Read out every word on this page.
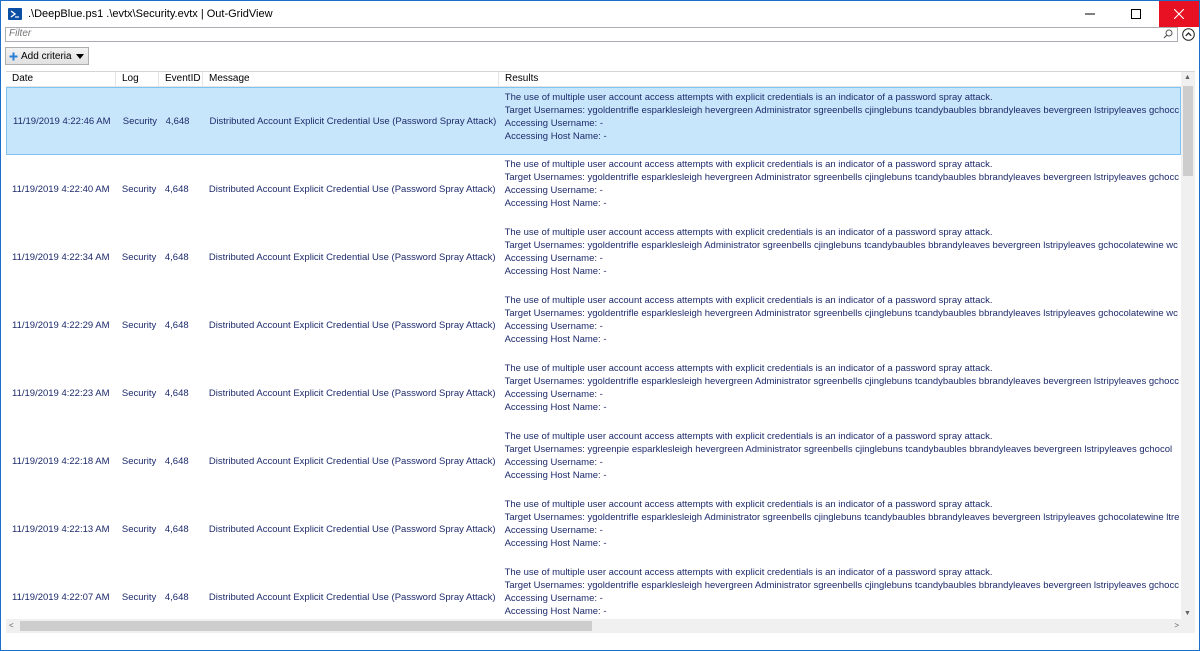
.\DeepBlue.ps1 .\evtx\Security.evtx | Out-GridView
Filter
Add criteria
Date	Log	EventID Message	Results
11/19/2019 4:22:46 AM	Security 4,648	Distributed Account Explicit Credential Use (Password Spray Attack)
The use of multiple user account access attempts with explicit credentials is an indicator of a password spray attack.
Target Usernames: ygoldentrifle esparklesleigh hevergreen Administrator sgreenbells cjinglebuns tcandybaubles bbrandyleaves bevergreen lstripyleaves gchocc
Accessing Username: -
Accessing Host Name: -
11/19/2019 4:22:40 AM	Security 4,648	Distributed Account Explicit Credential Use (Password Spray Attack)
The use of multiple user account access attempts with explicit credentials is an indicator of a password spray attack.
Target Usernames: ygoldentrifle esparklesleigh hevergreen Administrator sgreenbells cjinglebuns tcandybaubles bbrandyleaves bevergreen lstripyleaves gchocc
Accessing Username: -
Accessing Host Name: -
11/19/2019 4:22:34 AM	Security 4,648	Distributed Account Explicit Credential Use (Password Spray Attack)
The use of multiple user account access attempts with explicit credentials is an indicator of a password spray attack.
Target Usernames: ygoldentrifle esparklesleigh Administrator sgreenbells cjinglebuns tcandybaubles bbrandyleaves bevergreen lstripyleaves gchocolatewine wc
Accessing Username: -
Accessing Host Name: -
11/19/2019 4:22:29 AM	Security 4,648	Distributed Account Explicit Credential Use (Password Spray Attack)
The use of multiple user account access attempts with explicit credentials is an indicator of a password spray attack.
Target Usernames: ygoldentrifle esparklesleigh hevergreen Administrator sgreenbells cjinglebuns tcandybaubles bbrandyleaves lstripyleaves gchocolatewine wc
Accessing Username: -
Accessing Host Name: -
11/19/2019 4:22:23 AM	Security 4,648	Distributed Account Explicit Credential Use (Password Spray Attack)
The use of multiple user account access attempts with explicit credentials is an indicator of a password spray attack.
Target Usernames: ygoldentrifle esparklesleigh hevergreen Administrator sgreenbells cjinglebuns tcandybaubles bbrandyleaves bevergreen lstripyleaves gchocc
Accessing Username: -
Accessing Host Name: -
11/19/2019 4:22:18 AM	Security 4,648	Distributed Account Explicit Credential Use (Password Spray Attack)
The use of multiple user account access attempts with explicit credentials is an indicator of a password spray attack.
Target Usernames: ygreenpie esparklesleigh hevergreen Administrator sgreenbells cjinglebuns tcandybaubles bbrandyleaves bevergreen lstripyleaves gchocol
Accessing Username: -
Accessing Host Name: -
11/19/2019 4:22:13 AM	Security 4,648	Distributed Account Explicit Credential Use (Password Spray Attack)
The use of multiple user account access attempts with explicit credentials is an indicator of a password spray attack.
Target Usernames: ygoldentrifle esparklesleigh Administrator sgreenbells cjinglebuns tcandybaubles bbrandyleaves bevergreen lstripyleaves gchocolatewine ltre
Accessing Username: -
Accessing Host Name: -
11/19/2019 4:22:07 AM	Security 4,648	Distributed Account Explicit Credential Use (Password Spray Attack)
The use of multiple user account access attempts with explicit credentials is an indicator of a password spray attack.
Target Usernames: ygoldentrifle esparklesleigh hevergreen Administrator sgreenbells cjinglebuns tcandybaubles bbrandyleaves bevergreen lstripyleaves gchocc
Accessing Username: -
Accessing Host Name: -
▲
▼
<	>
